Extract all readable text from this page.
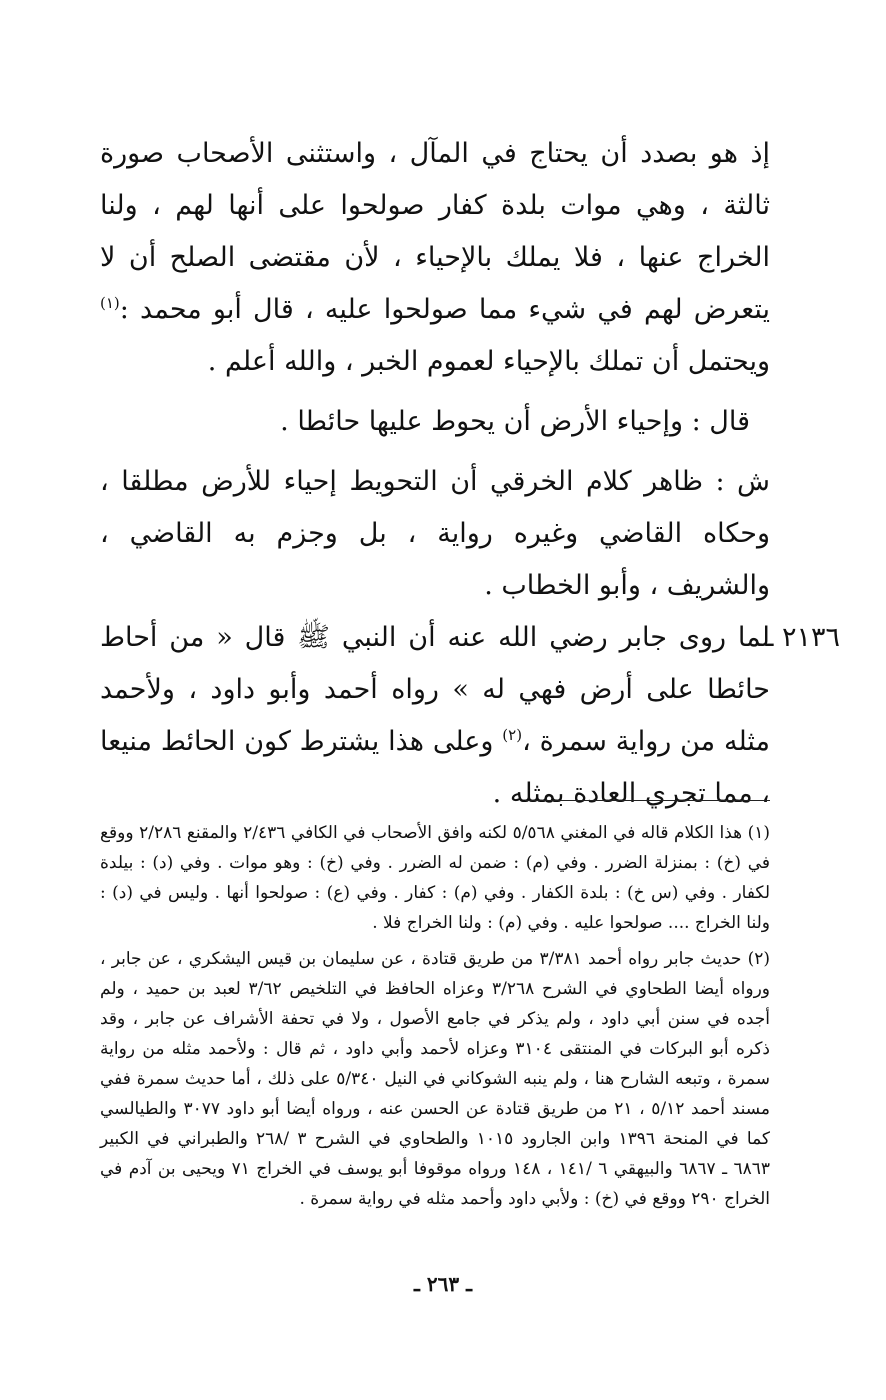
إذ هو بصدد أن يحتاج في المآل ، واستثنى الأصحاب صورة ثالثة ، وهي موات بلدة كفار صولحوا على أنها لهم ، ولنا الخراج عنها ، فلا يملك بالإحياء ، لأن مقتضى الصلح أن لا يتعرض لهم في شيء مما صولحوا عليه ، قال أبو محمد :$^{(١)}$ ويحتمل أن تملك بالإحياء لعموم الخبر ، والله أعلم .

قال : وإحياء الأرض أن يحوط عليها حائطا .

ش : ظاهر كلام الخرقي أن التحويط إحياء للأرض مطلقا ، وحكاه القاضي وغيره رواية ، بل وجزم به القاضي ، والشريف ، وأبو الخطاب .

٢١٣٦ ـ
لما روى جابر رضي الله عنه أن النبي ﷺ قال « من أحاط حائطا على أرض فهي له » رواه أحمد وأبو داود ، ولأحمد مثله من رواية سمرة ،$^{(٢)}$ وعلى هذا يشترط كون الحائط منيعا ، مما تجري العادة بمثله .

(١) هذا الكلام قاله في المغني ٥/٥٦٨ لكنه وافق الأصحاب في الكافي ٢/٤٣٦ والمقنع ٢/٢٨٦ ووقع في (خ) : بمنزلة الضرر . وفي (م) : ضمن له الضرر . وفي (خ) : وهو موات . وفي (د) : بيلدة لكفار . وفي (س خ) : بلدة الكفار . وفي (م) : كفار . وفي (ع) : صولحوا أنها . وليس في (د) : ولنا الخراج .... صولحوا عليه . وفي (م) : ولنا الخراج فلا .

(٢) حديث جابر رواه أحمد ٣/٣٨١ من طريق قتادة ، عن سليمان بن قيس اليشكري ، عن جابر ، ورواه أيضا الطحاوي في الشرح ٣/٢٦٨ وعزاه الحافظ في التلخيص ٣/٦٢ لعبد بن حميد ، ولم أجده في سنن أبي داود ، ولم يذكر في جامع الأصول ، ولا في تحفة الأشراف عن جابر ، وقد ذكره أبو البركات في المنتقى ٣١٠٤ وعزاه لأحمد وأبي داود ، ثم قال : ولأحمد مثله من رواية سمرة ، وتبعه الشارح هنا ، ولم ينبه الشوكاني في النيل ٥/٣٤٠ على ذلك ، أما حديث سمرة ففي مسند أحمد ٥/١٢ ، ٢١ من طريق قتادة عن الحسن عنه ، ورواه أيضا أبو داود ٣٠٧٧ والطيالسي كما في المنحة ١٣٩٦ وابن الجارود ١٠١٥ والطحاوي في الشرح ٣ /٢٦٨ والطبراني في الكبير ٦٨٦٣ ـ ٦٨٦٧ والبيهقي ٦ /١٤١ ، ١٤٨ ورواه موقوفا أبو يوسف في الخراج ٧١ ويحيى بن آدم في الخراج ٢٩٠ ووقع في (خ) : ولأبي داود وأحمد مثله في رواية سمرة .

ـ ٢٦٣ ـ
